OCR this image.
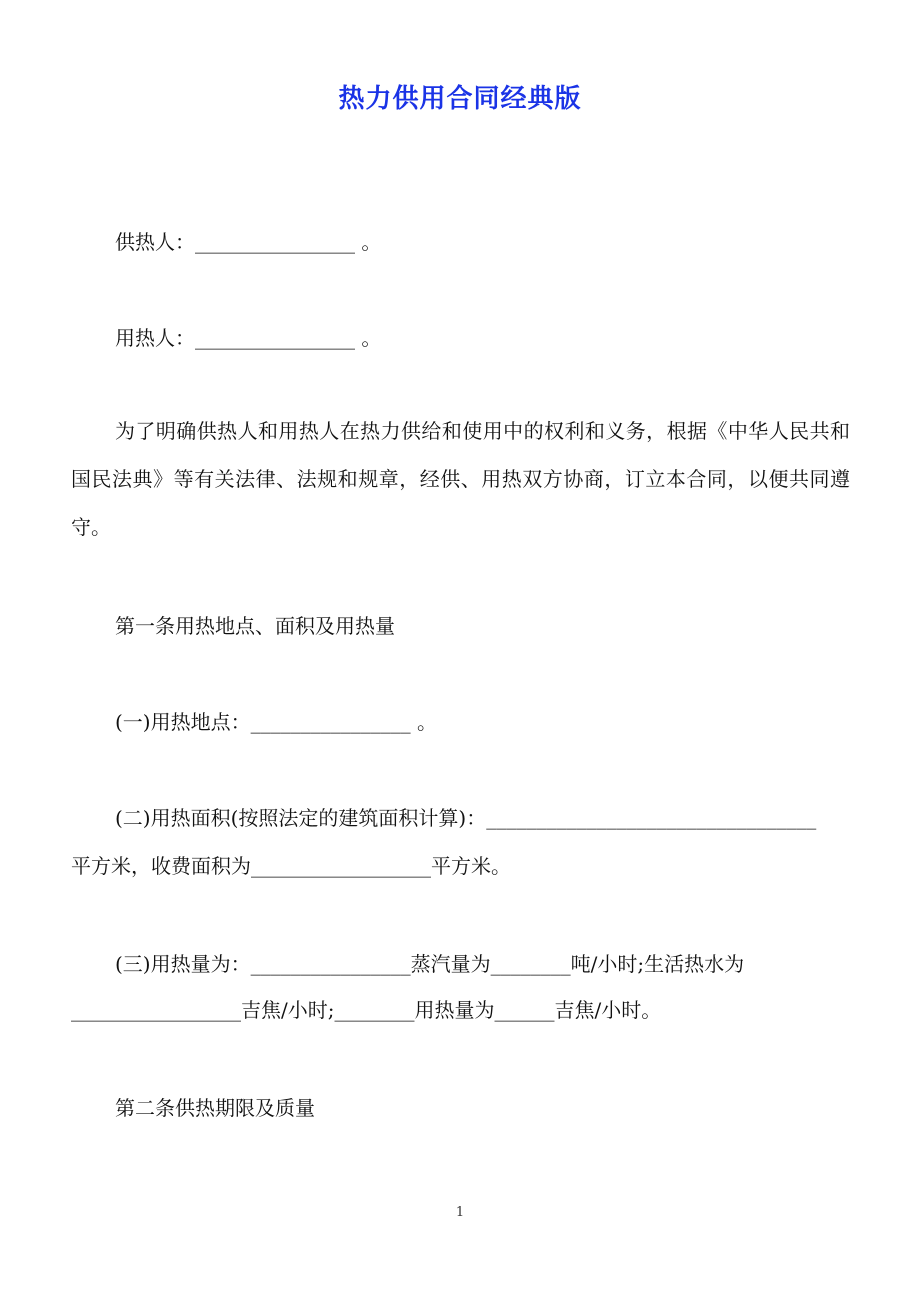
热力供用合同经典版
供热人：________________ 。
用热人：________________ 。
为了明确供热人和用热人在热力供给和使用中的权利和义务，根据《中华人民共和国民法典》等有关法律、法规和规章，经供、用热双方协商，订立本合同，以便共同遵守。
第一条用热地点、面积及用热量
(一)用热地点：________________ 。
(二)用热面积(按照法定的建筑面积计算)：_________________________________
平方米，收费面积为__________________平方米。
(三)用热量为：________________蒸汽量为________吨/小时;生活热水为
_________________吉焦/小时;________用热量为______吉焦/小时。
第二条供热期限及质量
1
